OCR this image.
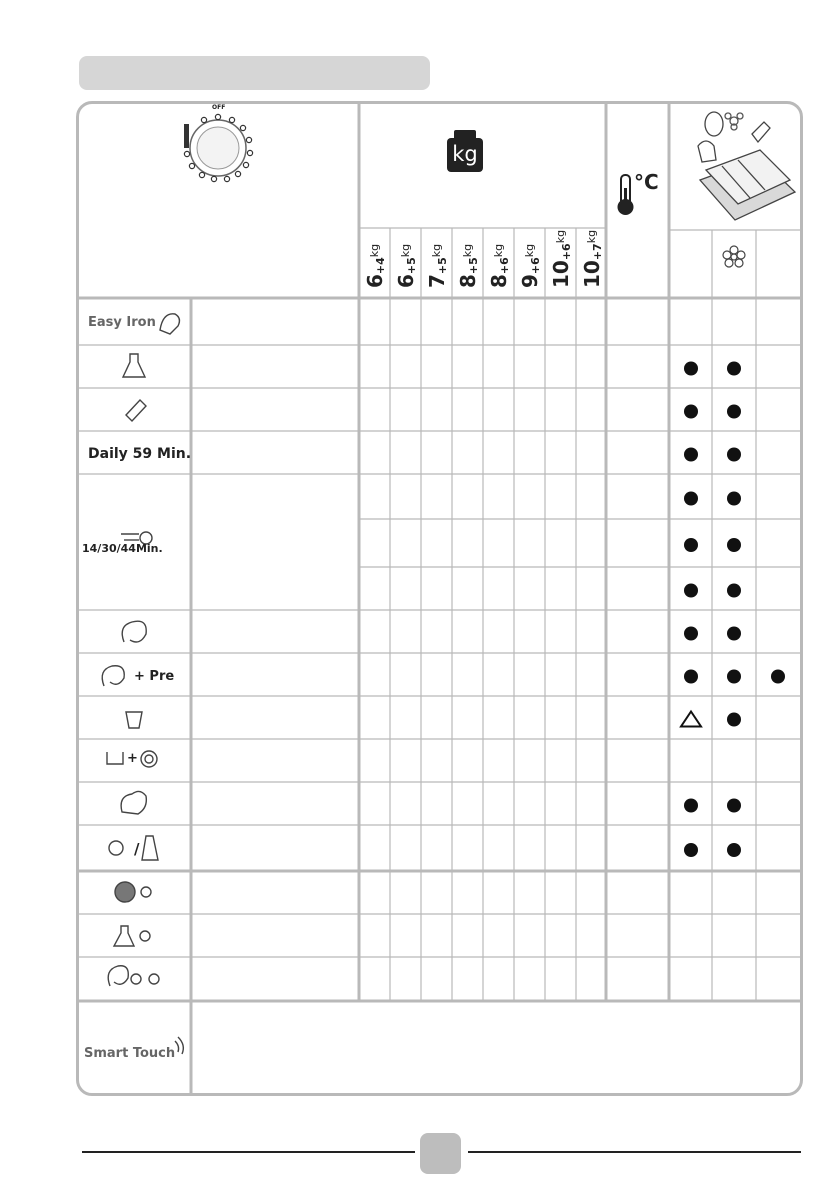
OFF
kg
°C
$6+4^{kg}$
$6+5^{kg}$
$7+5^{kg}$
$8+5^{kg}$
$8+6^{kg}$
$9+6^{kg}$
$10+6^{kg}$
$10+7^{kg}$
Easy Iron
Daily 59 Min.
14/30/44Min.
+ Pre
+
/
Smart Touch
